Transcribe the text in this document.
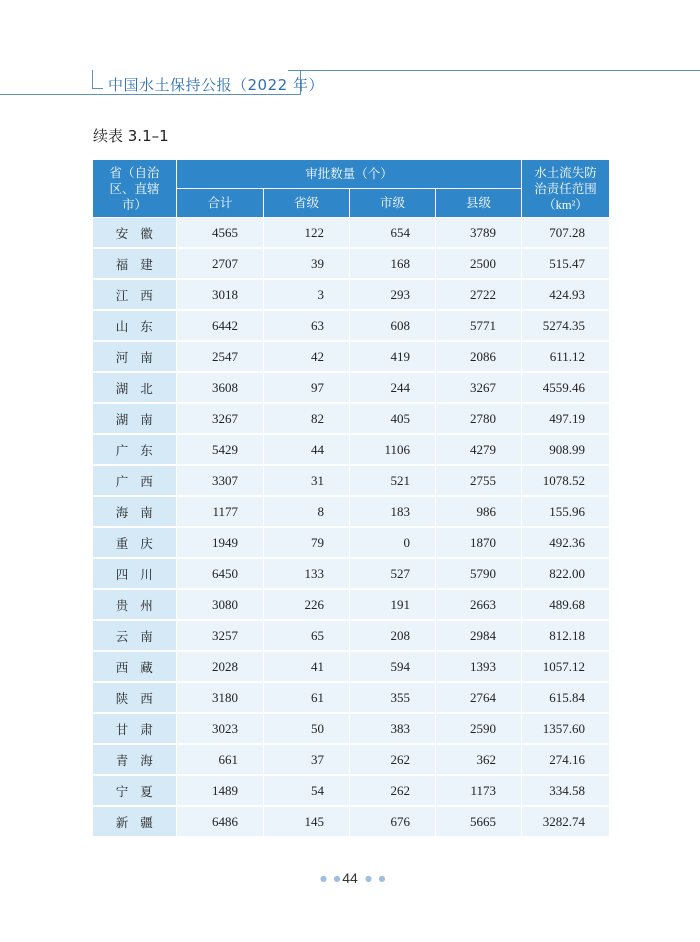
中国水土保持公报（2022 年）
续表 3.1–1
省（自治区、直辖市）	审批数量（个）				水土流失防治责任范围（km²）
	合计	省级	市级	县级	
安徽	4565	122	654	3789	707.28
福建	2707	39	168	2500	515.47
江西	3018	3	293	2722	424.93
山东	6442	63	608	5771	5274.35
河南	2547	42	419	2086	611.12
湖北	3608	97	244	3267	4559.46
湖南	3267	82	405	2780	497.19
广东	5429	44	1106	4279	908.99
广西	3307	31	521	2755	1078.52
海南	1177	8	183	986	155.96
重庆	1949	79	0	1870	492.36
四川	6450	133	527	5790	822.00
贵州	3080	226	191	2663	489.68
云南	3257	65	208	2984	812.18
西藏	2028	41	594	1393	1057.12
陕西	3180	61	355	2764	615.84
甘肃	3023	50	383	2590	1357.60
青海	661	37	262	362	274.16
宁夏	1489	54	262	1173	334.58
新疆	6486	145	676	5665	3282.74
● ● 44 ● ●
